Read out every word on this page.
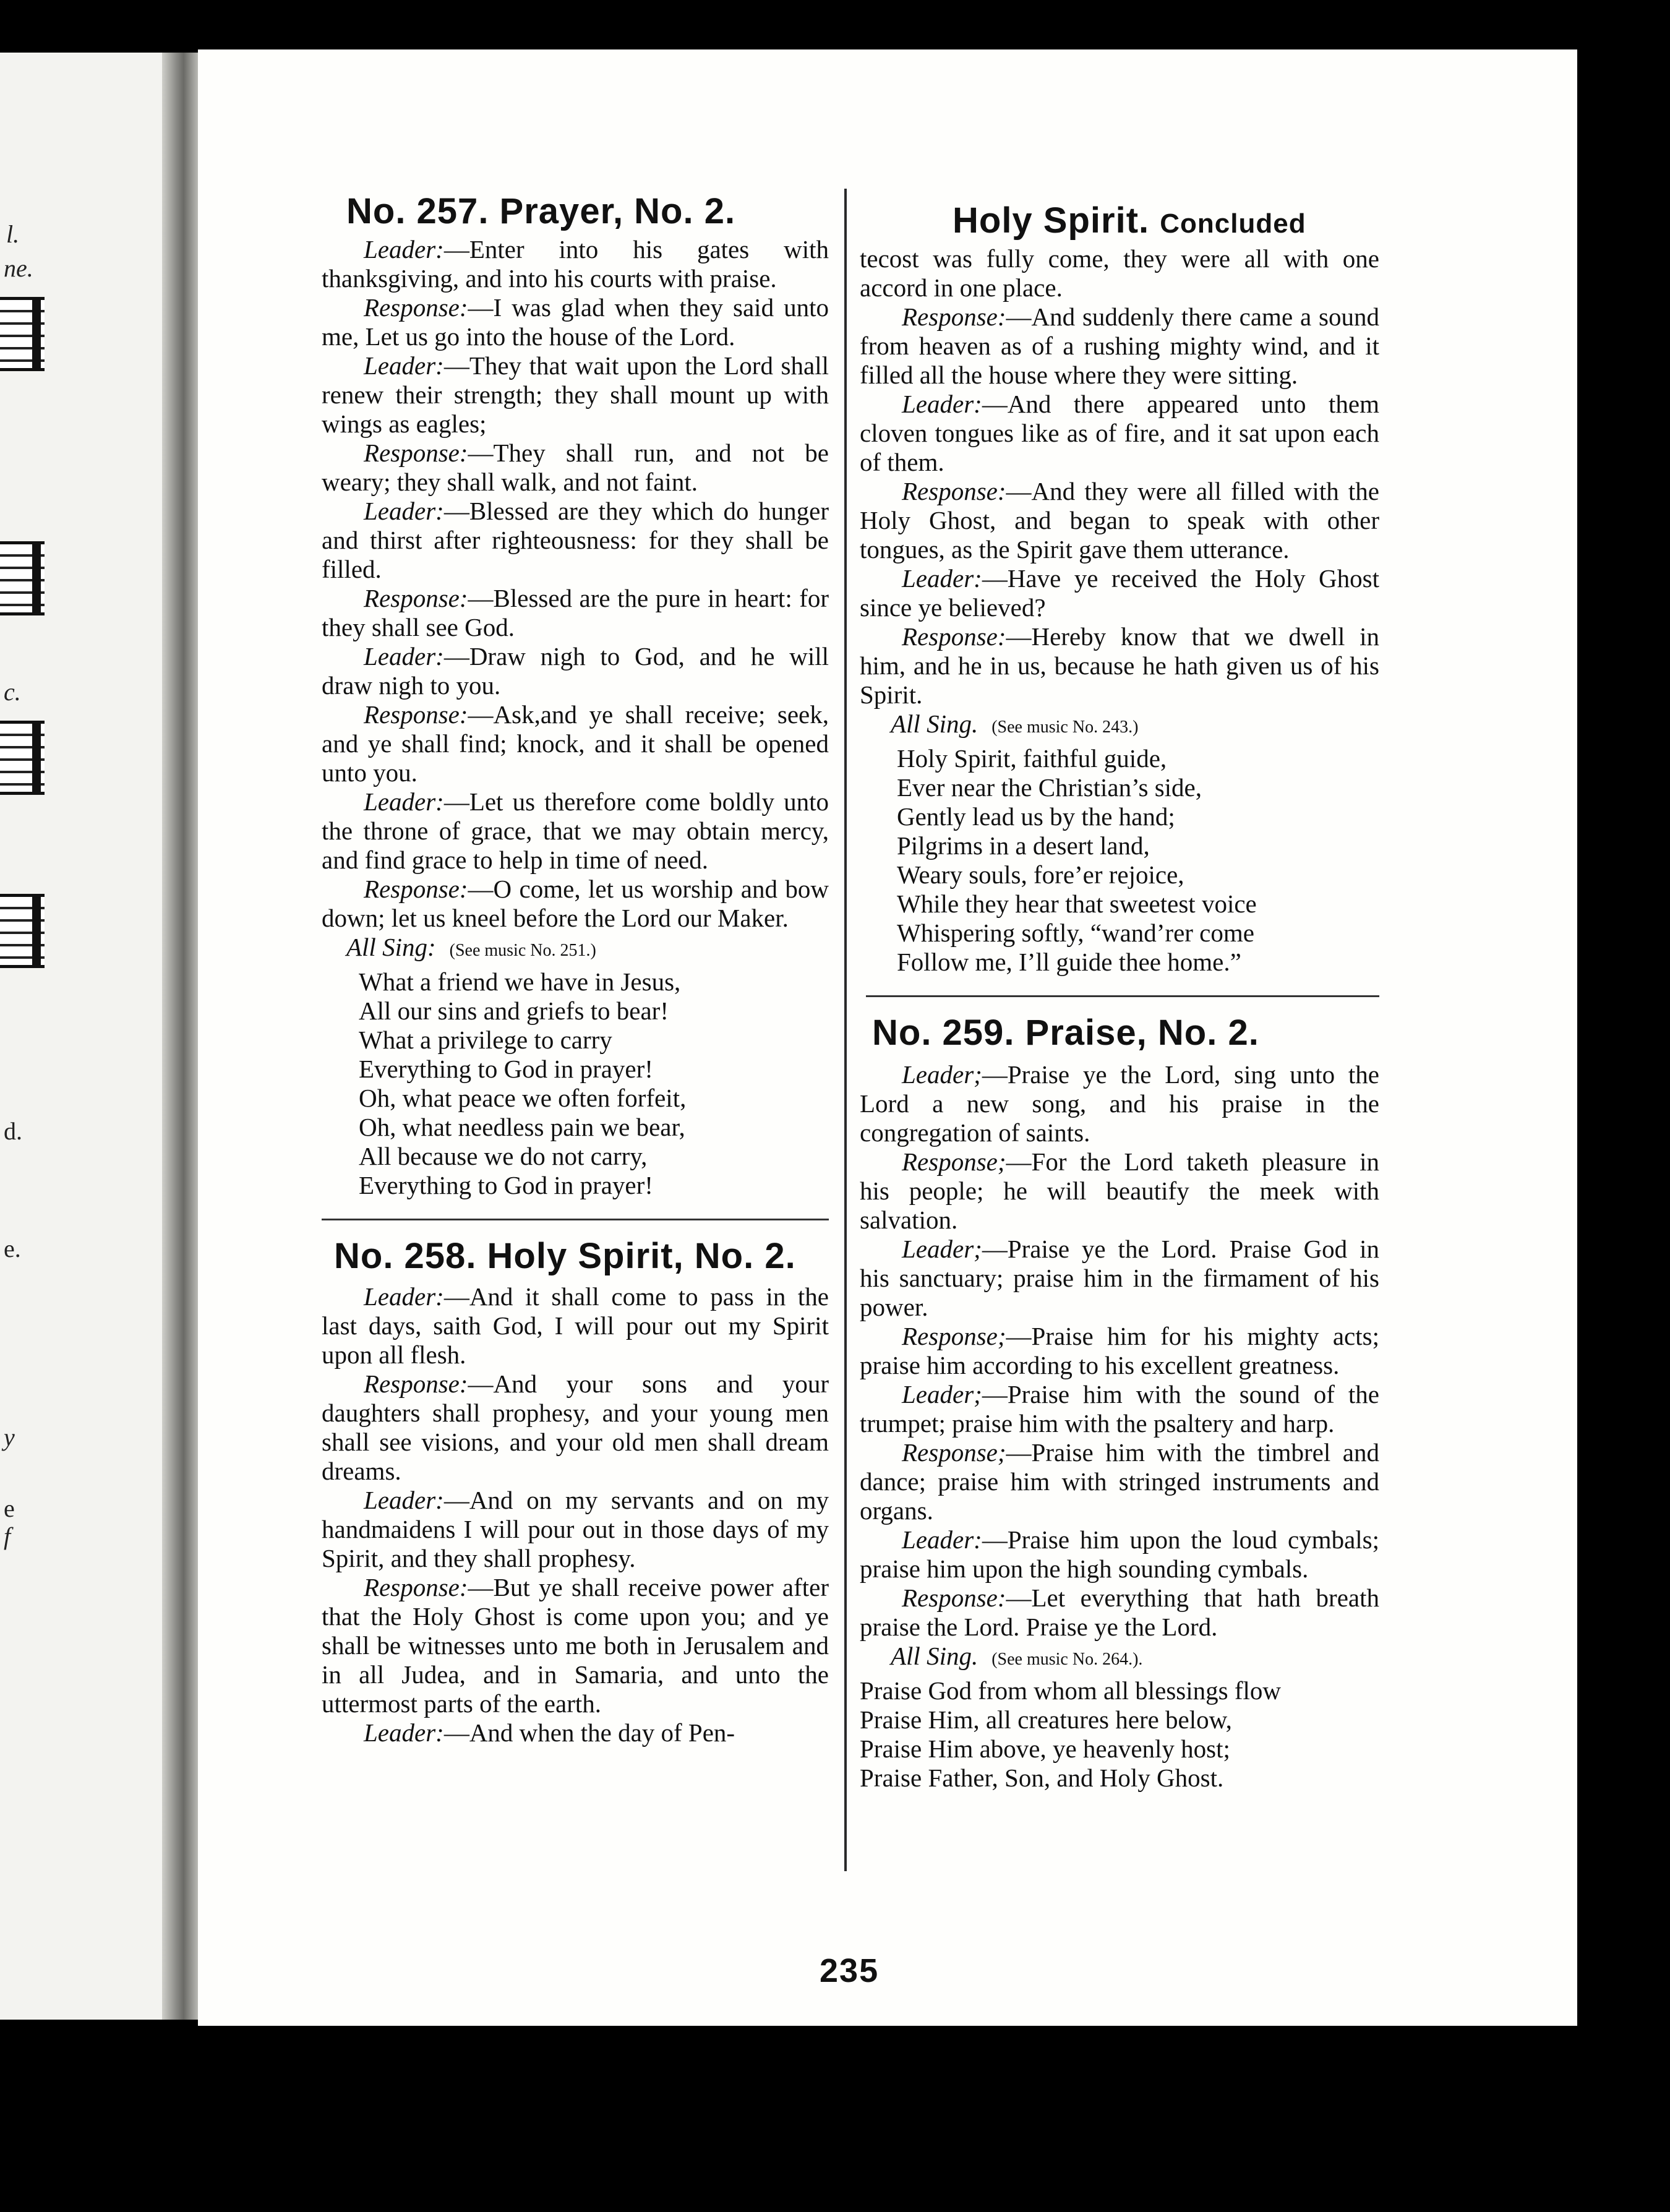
l.
ne.
c.
d.
e.
y
e
f
No. 257. Prayer, No. 2.

Leader:—Enter into his gates with thanksgiving, and into his courts with praise.

Response:—I was glad when they said unto me, Let us go into the house of the Lord.

Leader:—They that wait upon the Lord shall renew their strength; they shall mount up with wings as eagles;

Response:—They shall run, and not be weary; they shall walk, and not faint.

Leader:—Blessed are they which do hunger and thirst after righteousness: for they shall be filled.

Response:—Blessed are the pure in heart: for they shall see God.

Leader:—Draw nigh to God, and he will draw nigh to you.

Response:—Ask,and ye shall receive; seek, and ye shall find; knock, and it shall be opened unto you.

Leader:—Let us therefore come boldly unto the throne of grace, that we may obtain mercy, and find grace to help in time of need.

Response:—O come, let us worship and bow down; let us kneel before the Lord our Maker.

All Sing: (See music No. 251.)

What a friend we have in Jesus,

All our sins and griefs to bear!

What a privilege to carry

Everything to God in prayer!

Oh, what peace we often forfeit,

Oh, what needless pain we bear,

All because we do not carry,

Everything to God in prayer!

No. 258. Holy Spirit, No. 2.

Leader:—And it shall come to pass in the last days, saith God, I will pour out my Spirit upon all flesh.

Response:—And your sons and your daughters shall prophesy, and your young men shall see visions, and your old men shall dream dreams.

Leader:—And on my servants and on my handmaidens I will pour out in those days of my Spirit, and they shall prophesy.

Response:—But ye shall receive power after that the Holy Ghost is come upon you; and ye shall be witnesses unto me both in Jerusalem and in all Judea, and in Samaria, and unto the uttermost parts of the earth.

Leader:—And when the day of Pen-

Holy Spirit. Concluded

tecost was fully come, they were all with one accord in one place.

Response:—And suddenly there came a sound from heaven as of a rushing mighty wind, and it filled all the house where they were sitting.

Leader:—And there appeared unto them cloven tongues like as of fire, and it sat upon each of them.

Response:—And they were all filled with the Holy Ghost, and began to speak with other tongues, as the Spirit gave them utterance.

Leader:—Have ye received the Holy Ghost since ye believed?

Response:—Hereby know that we dwell in him, and he in us, because he hath given us of his Spirit.

All Sing. (See music No. 243.)

Holy Spirit, faithful guide,

Ever near the Christian’s side,

Gently lead us by the hand;

Pilgrims in a desert land,

Weary souls, fore’er rejoice,

While they hear that sweetest voice

Whispering softly, “wand’rer come

Follow me, I’ll guide thee home.”

No. 259. Praise, No. 2.

Leader;—Praise ye the Lord, sing unto the Lord a new song, and his praise in the congregation of saints.

Response;—For the Lord taketh pleasure in his people; he will beautify the meek with salvation.

Leader;—Praise ye the Lord. Praise God in his sanctuary; praise him in the firmament of his power.

Response;—Praise him for his mighty acts; praise him according to his excellent greatness.

Leader;—Praise him with the sound of the trumpet; praise him with the psaltery and harp.

Response;—Praise him with the timbrel and dance; praise him with stringed instruments and organs.

Leader:—Praise him upon the loud cymbals; praise him upon the high sounding cymbals.

Response:—Let everything that hath breath praise the Lord. Praise ye the Lord.

All Sing. (See music No. 264.).

Praise God from whom all blessings flow

Praise Him, all creatures here below,

Praise Him above, ye heavenly host;

Praise Father, Son, and Holy Ghost.

235
